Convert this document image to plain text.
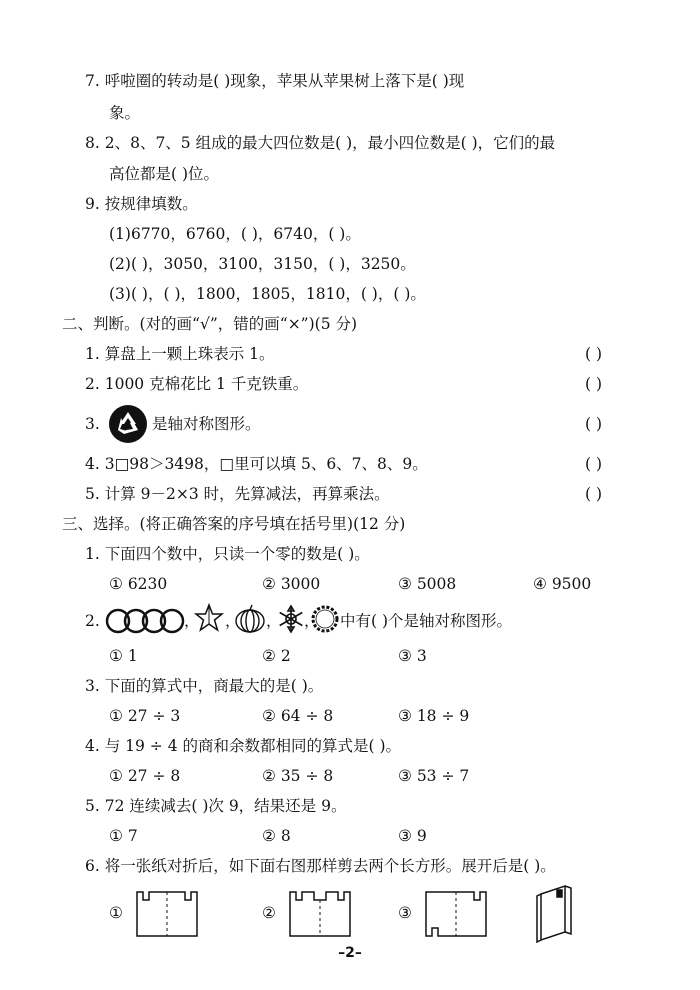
7. 呼啦圈的转动是( )现象，苹果从苹果树上落下是( )现
象。
8. 2、8、7、5 组成的最大四位数是( )，最小四位数是( )，它们的最
高位都是( )位。
9. 按规律填数。
(1)6770，6760，( )，6740，( )。
(2)( )，3050，3100，3150，( )，3250。
(3)( )，( )，1800，1805，1810，( )，( )。
二、判断。(对的画“√”，错的画“×”)(5 分)
1. 算盘上一颗上珠表示 1。	( )
2. 1000 克棉花比 1 千克铁重。	( )
3.	是轴对称图形。	( )
4. 3□98＞3498，□里可以填 5、6、7、8、9。	( )
5. 计算 9－2×3 时，先算减法，再算乘法。	( )
三、选择。(将正确答案的序号填在括号里)(12 分)
1. 下面四个数中，只读一个零的数是( )。
① 6230	② 3000	③ 5008	④ 9500
2.	， ， ， ， 中有( )个是轴对称图形。
① 1	② 2	③ 3
3. 下面的算式中，商最大的是( )。
① 27 ÷ 3	② 64 ÷ 8	③ 18 ÷ 9
4. 与 19 ÷ 4 的商和余数都相同的算式是( )。
① 27 ÷ 8	② 35 ÷ 8	③ 53 ÷ 7
5. 72 连续减去( )次 9，结果还是 9。
① 7	② 8	③ 9
6. 将一张纸对折后，如下面右图那样剪去两个长方形。展开后是( )。
①	②	③
–2–
